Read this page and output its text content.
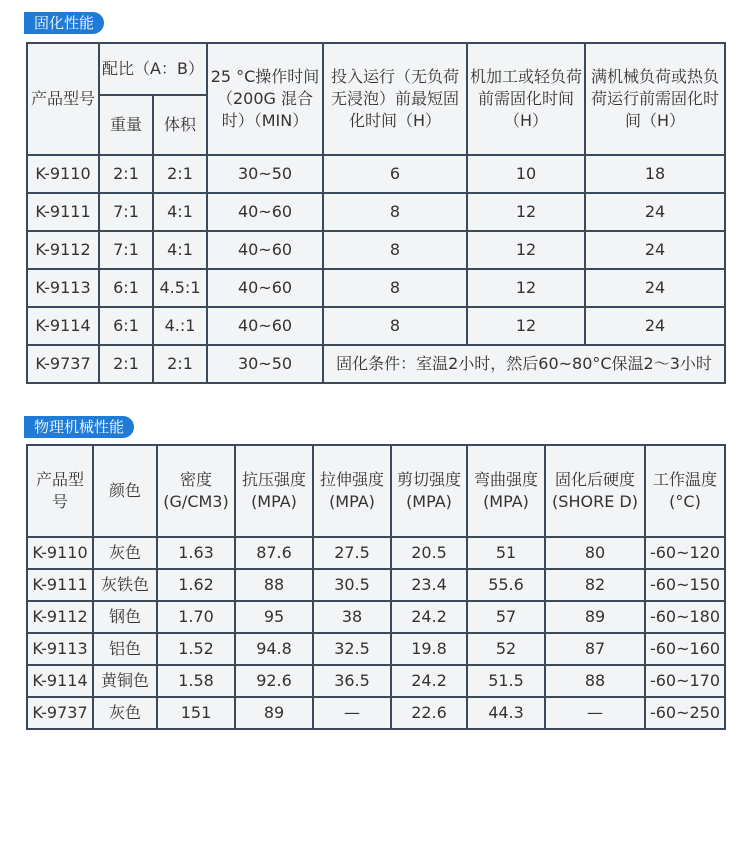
固化性能
产品型号	配比（A：B）		25 °C操作时间（200G 混合时）（MIN）	投入运行（无负荷无浸泡）前最短固化时间（H）	机加工或轻负荷前需固化时间（H）	满机械负荷或热负荷运行前需固化时间（H）
	重量	体积				
K-9110	2:1	2:1	30~50	6	10	18
K-9111	7:1	4:1	40~60	8	12	24
K-9112	7:1	4:1	40~60	8	12	24
K-9113	6:1	4.5:1	40~60	8	12	24
K-9114	6:1	4.:1	40~60	8	12	24
K-9737	2:1	2:1	30~50	固化条件：室温2小时，然后60~80°C保温2～3小时		
物理机械性能
产品型号	颜色	密度(G/CM3)	抗压强度(MPA)	拉伸强度(MPA)	剪切强度(MPA)	弯曲强度(MPA)	固化后硬度(SHORE D)	工作温度(°C)
K-9110	灰色	1.63	87.6	27.5	20.5	51	80	-60~120
K-9111	灰铁色	1.62	88	30.5	23.4	55.6	82	-60~150
K-9112	钢色	1.70	95	38	24.2	57	89	-60~180
K-9113	铝色	1.52	94.8	32.5	19.8	52	87	-60~160
K-9114	黄铜色	1.58	92.6	36.5	24.2	51.5	88	-60~170
K-9737	灰色	151	89	—	22.6	44.3	—	-60~250
